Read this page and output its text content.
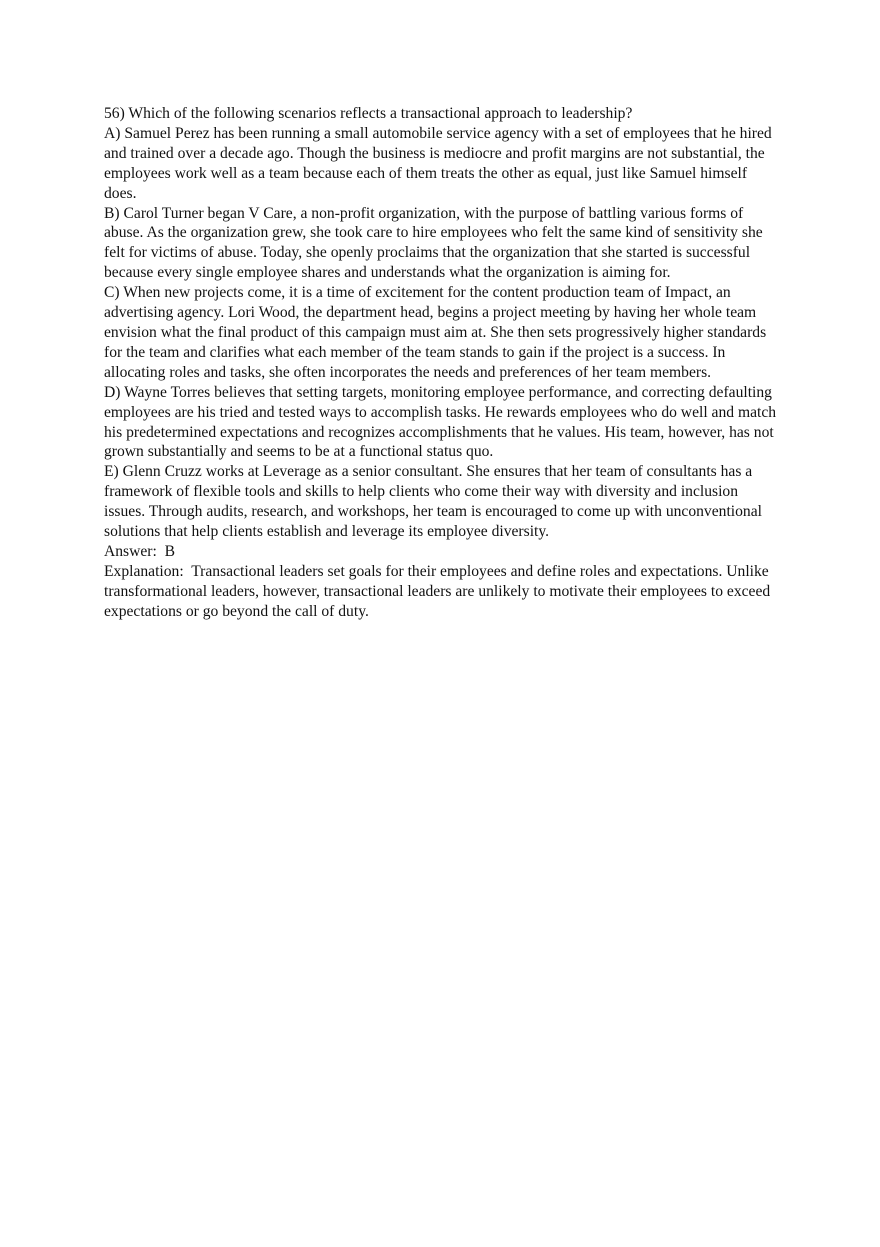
56) Which of the following scenarios reflects a transactional approach to leadership?

A) Samuel Perez has been running a small automobile service agency with a set of employees that he hired and trained over a decade ago. Though the business is mediocre and profit margins are not substantial, the employees work well as a team because each of them treats the other as equal, just like Samuel himself does.

B) Carol Turner began V Care, a non-profit organization, with the purpose of battling various forms of abuse. As the organization grew, she took care to hire employees who felt the same kind of sensitivity she felt for victims of abuse. Today, she openly proclaims that the organization that she started is successful because every single employee shares and understands what the organization is aiming for.

C) When new projects come, it is a time of excitement for the content production team of Impact, an advertising agency. Lori Wood, the department head, begins a project meeting by having her whole team envision what the final product of this campaign must aim at. She then sets progressively higher standards for the team and clarifies what each member of the team stands to gain if the project is a success. In allocating roles and tasks, she often incorporates the needs and preferences of her team members.

D) Wayne Torres believes that setting targets, monitoring employee performance, and correcting defaulting employees are his tried and tested ways to accomplish tasks. He rewards employees who do well and match his predetermined expectations and recognizes accomplishments that he values. His team, however, has not grown substantially and seems to be at a functional status quo.

E) Glenn Cruzz works at Leverage as a senior consultant. She ensures that her team of consultants has a framework of flexible tools and skills to help clients who come their way with diversity and inclusion issues. Through audits, research, and workshops, her team is encouraged to come up with unconventional solutions that help clients establish and leverage its employee diversity.

Answer: B

Explanation: Transactional leaders set goals for their employees and define roles and expectations. Unlike transformational leaders, however, transactional leaders are unlikely to motivate their employees to exceed expectations or go beyond the call of duty.
